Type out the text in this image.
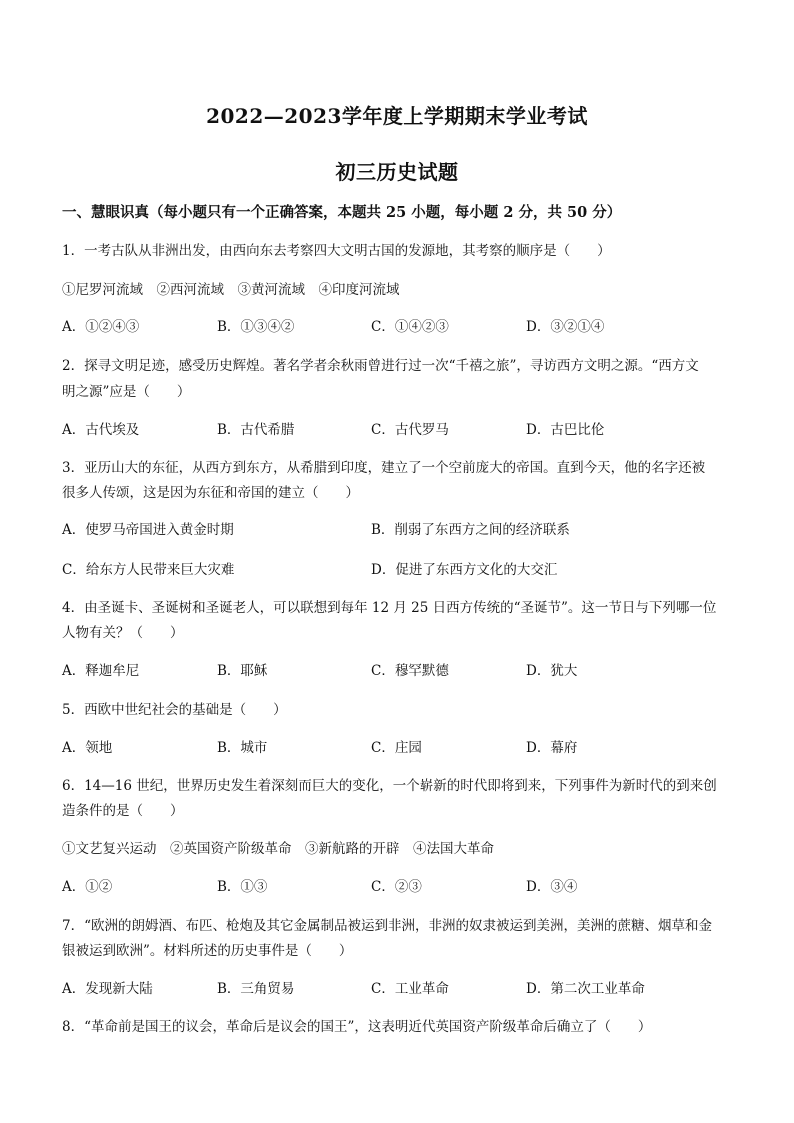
2022—2023学年度上学期期末学业考试
初三历史试题
一、慧眼识真（每小题只有一个正确答案，本题共 25 小题，每小题 2 分，共 50 分）
1．一考古队从非洲出发，由西向东去考察四大文明古国的发源地，其考察的顺序是（　　）
①尼罗河流域　②西河流域　③黄河流域　④印度河流域
A．①②④③	B．①③④②	C．①④②③	D．③②①④
2．探寻文明足迹，感受历史辉煌。著名学者余秋雨曾进行过一次“千禧之旅”，寻访西方文明之源。“西方文
明之源”应是（　　）
A．古代埃及	B．古代希腊	C．古代罗马	D．古巴比伦
3．亚历山大的东征，从西方到东方，从希腊到印度，建立了一个空前庞大的帝国。直到今天，他的名字还被
很多人传颂，这是因为东征和帝国的建立（　　）
A．使罗马帝国进入黄金时期	B．削弱了东西方之间的经济联系
C．给东方人民带来巨大灾难	D．促进了东西方文化的大交汇
4．由圣诞卡、圣诞树和圣诞老人，可以联想到每年 12 月 25 日西方传统的“圣诞节”。这一节日与下列哪一位
人物有关？（　　）
A．释迦牟尼	B．耶稣	C．穆罕默德	D．犹大
5．西欧中世纪社会的基础是（　　）
A．领地	B．城市	C．庄园	D．幕府
6．14—16 世纪，世界历史发生着深刻而巨大的变化，一个崭新的时代即将到来，下列事件为新时代的到来创
造条件的是（　　）
①文艺复兴运动　②英国资产阶级革命　③新航路的开辟　④法国大革命
A．①②	B．①③	C．②③	D．③④
7．“欧洲的朗姆酒、布匹、枪炮及其它金属制品被运到非洲，非洲的奴隶被运到美洲，美洲的蔗糖、烟草和金
银被运到欧洲”。材料所述的历史事件是（　　）
A．发现新大陆	B．三角贸易	C．工业革命	D．第二次工业革命
8．“革命前是国王的议会，革命后是议会的国王”，这表明近代英国资产阶级革命后确立了（　　）
